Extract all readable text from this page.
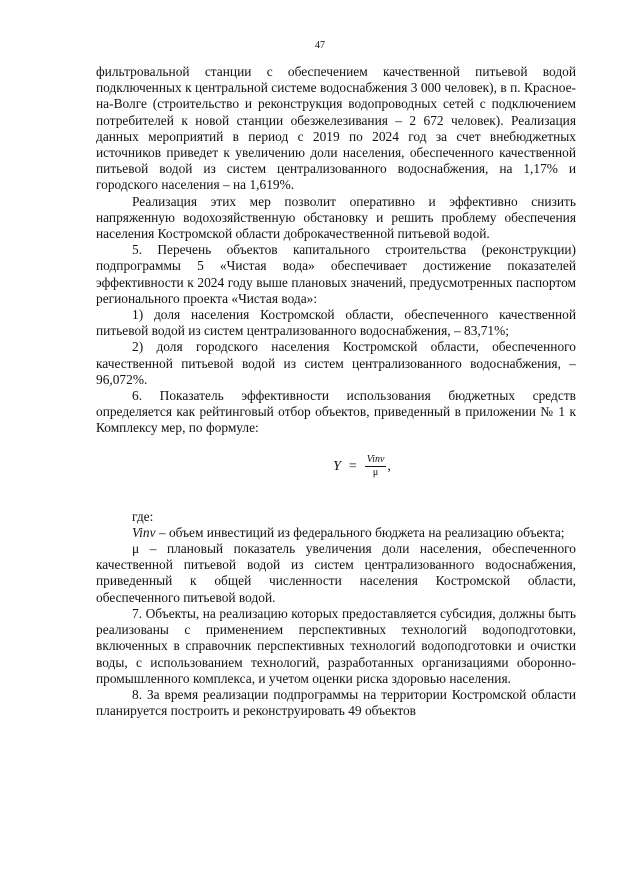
47

фильтровальной станции с обеспечением качественной питьевой водой подключенных к центральной системе водоснабжения 3 000 человек), в п. Красное-на-Волге (строительство и реконструкция водопроводных сетей с подключением потребителей к новой станции обезжелезивания – 2 672 человек). Реализация данных мероприятий в период с 2019 по 2024 год за счет внебюджетных источников приведет к увеличению доли населения, обеспеченного качественной питьевой водой из систем централизованного водоснабжения, на 1,17% и городского населения – на 1,619%.

Реализация этих мер позволит оперативно и эффективно снизить напряженную водохозяйственную обстановку и решить проблему обеспечения населения Костромской области доброкачественной питьевой водой.

5. Перечень объектов капитального строительства (реконструкции) подпрограммы 5 «Чистая вода» обеспечивает достижение показателей эффективности к 2024 году выше плановых значений, предусмотренных паспортом регионального проекта «Чистая вода»:

1) доля населения Костромской области, обеспеченного качественной питьевой водой из систем централизованного водоснабжения, – 83,71%;

2) доля городского населения Костромской области, обеспеченного качественной питьевой водой из систем централизованного водоснабжения, – 96,072%.

6. Показатель эффективности использования бюджетных средств определяется как рейтинговый отбор объектов, приведенный в приложении № 1 к Комплексу мер, по формуле:

$Y = \frac{\text{Vinv}}{\mu}$ ,

где:

Vinv – объем инвестиций из федерального бюджета на реализацию объекта;

μ – плановый показатель увеличения доли населения, обеспеченного качественной питьевой водой из систем централизованного водоснабжения, приведенный к общей численности населения Костромской области, обеспеченного питьевой водой.

7. Объекты, на реализацию которых предоставляется субсидия, должны быть реализованы с применением перспективных технологий водоподготовки, включенных в справочник перспективных технологий водоподготовки и очистки воды, с использованием технологий, разработанных организациями оборонно-промышленного комплекса, и учетом оценки риска здоровью населения.

8. За время реализации подпрограммы на территории Костромской области планируется построить и реконструировать 49 объектов
